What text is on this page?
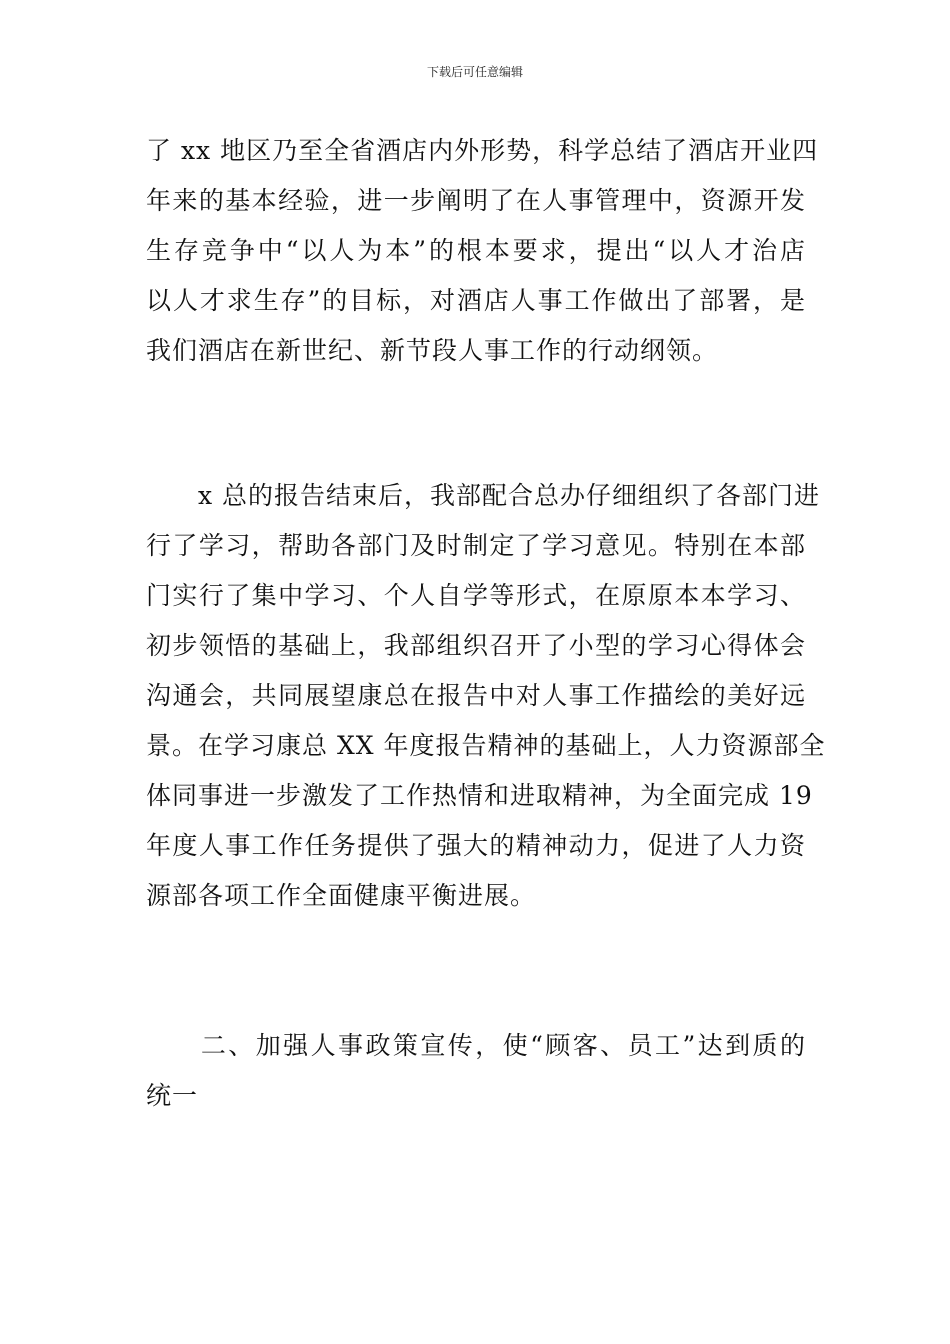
下载后可任意编辑

了 xx 地区乃至全省酒店内外形势，科学总结了酒店开业四
年来的基本经验，进一步阐明了在人事管理中，资源开发
生存竞争中“以人为本”的根本要求，提出“以人才治店
以人才求生存”的目标，对酒店人事工作做出了部署，是
我们酒店在新世纪、新节段人事工作的行动纲领。

　　x 总的报告结束后，我部配合总办仔细组织了各部门进
行了学习，帮助各部门及时制定了学习意见。特别在本部
门实行了集中学习、个人自学等形式，在原原本本学习、
初步领悟的基础上，我部组织召开了小型的学习心得体会
沟通会，共同展望康总在报告中对人事工作描绘的美好远
景。在学习康总 XX 年度报告精神的基础上，人力资源部全
体同事进一步激发了工作热情和进取精神，为全面完成 19
年度人事工作任务提供了强大的精神动力，促进了人力资
源部各项工作全面健康平衡进展。

　　二、加强人事政策宣传，使“顾客、员工”达到质的
统一
